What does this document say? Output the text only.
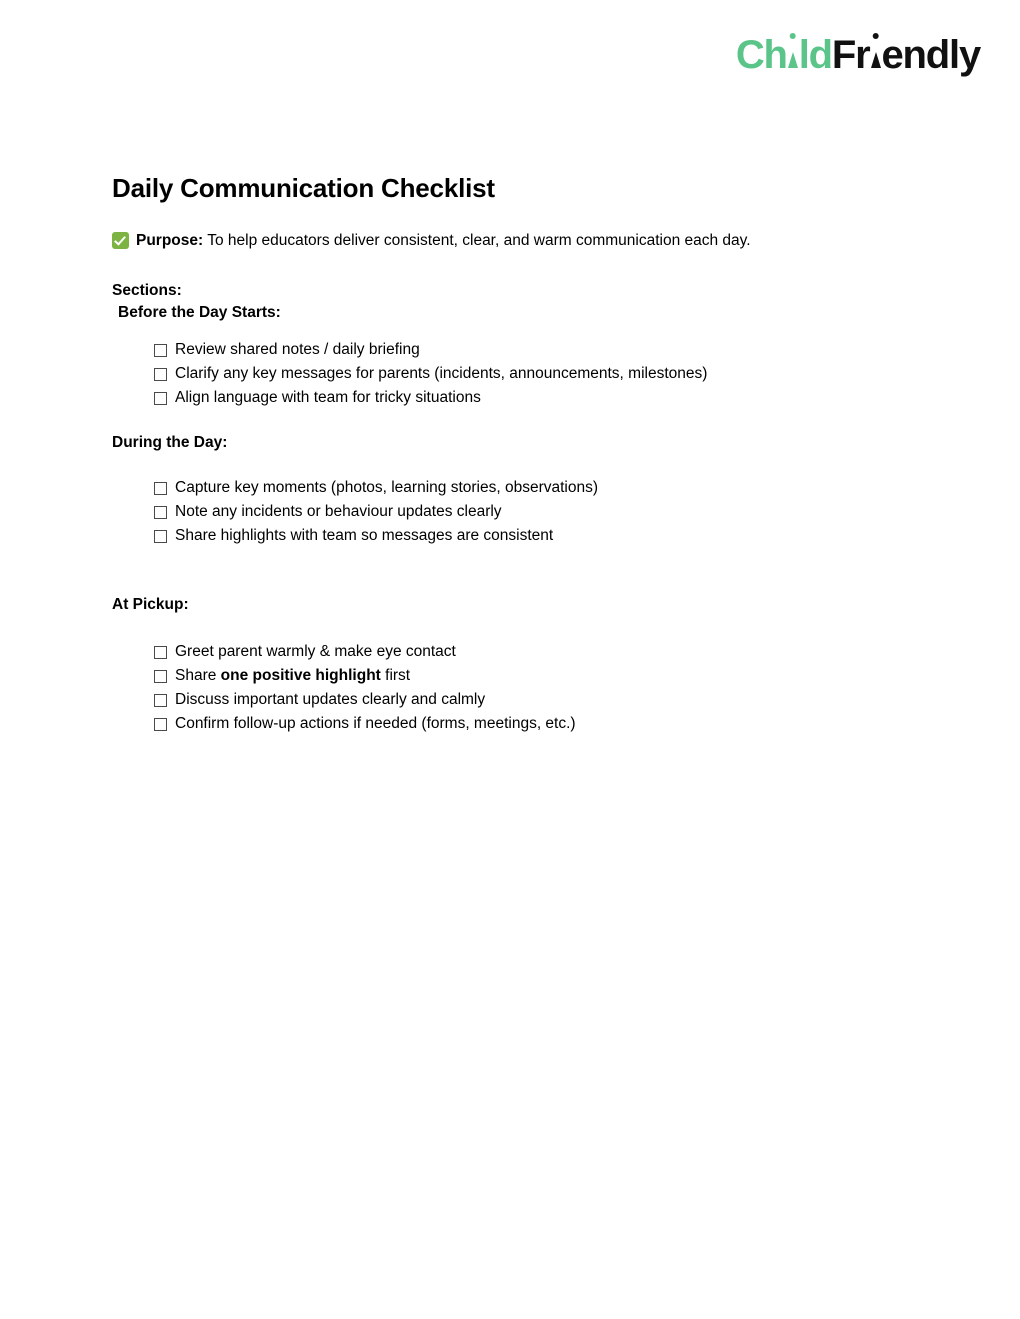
Ch ld Fr endly
Daily Communication Checklist

Purpose: To help educators deliver consistent, clear, and warm communication each day.

Sections:

Before the Day Starts:

Review shared notes / daily briefing
Clarify any key messages for parents (incidents, announcements, milestones)
Align language with team for tricky situations

During the Day:

Capture key moments (photos, learning stories, observations)
Note any incidents or behaviour updates clearly
Share highlights with team so messages are consistent

At Pickup:

Greet parent warmly & make eye contact
Share one positive highlight first
Discuss important updates clearly and calmly
Confirm follow-up actions if needed (forms, meetings, etc.)
